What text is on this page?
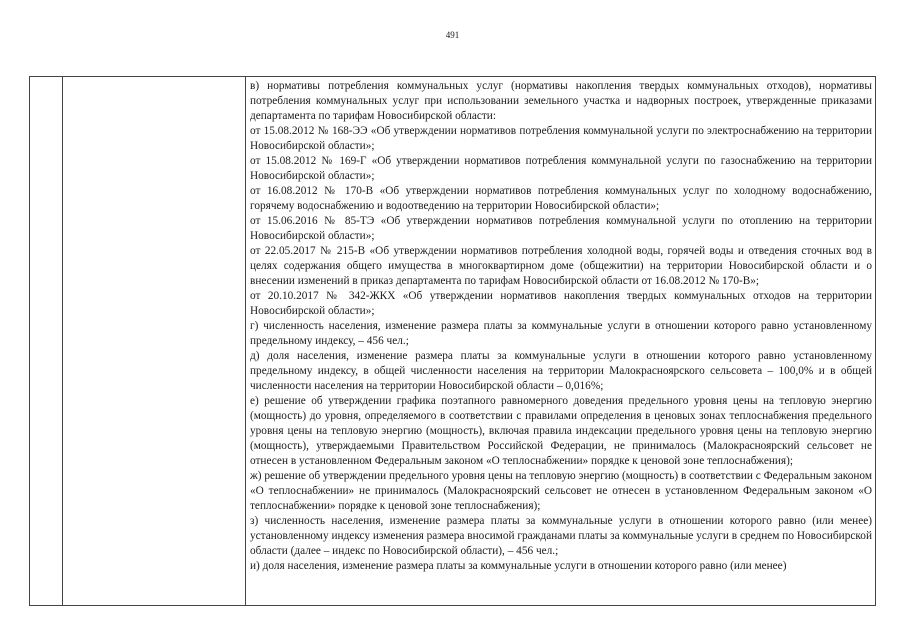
491

в) нормативы потребления коммунальных услуг (нормативы накопления твердых коммунальных отходов), нормативы потребления коммунальных услуг при использовании земельного участка и надворных построек, утвержденные приказами департамента по тарифам Новосибирской области:

от 15.08.2012 № 168-ЭЭ «Об утверждении нормативов потребления коммунальной услуги по электроснабжению на территории Новосибирской области»;

от 15.08.2012 № 169-Г «Об утверждении нормативов потребления коммунальной услуги по газоснабжению на территории Новосибирской области»;

от 16.08.2012 № 170-В «Об утверждении нормативов потребления коммунальных услуг по холодному водоснабжению, горячему водоснабжению и водоотведению на территории Новосибирской области»;

от 15.06.2016 № 85-ТЭ «Об утверждении нормативов потребления коммунальной услуги по отоплению на территории Новосибирской области»;

от 22.05.2017 № 215-В «Об утверждении нормативов потребления холодной воды, горячей воды и отведения сточных вод в целях содержания общего имущества в многоквартирном доме (общежитии) на территории Новосибирской области и о внесении изменений в приказ департамента по тарифам Новосибирской области от 16.08.2012 № 170-В»;

от 20.10.2017 № 342-ЖКХ «Об утверждении нормативов накопления твердых коммунальных отходов на территории Новосибирской области»;

г) численность населения, изменение размера платы за коммунальные услуги в отношении которого равно установленному предельному индексу, – 456 чел.;

д) доля населения, изменение размера платы за коммунальные услуги в отношении которого равно установленному предельному индексу, в общей численности населения на территории Малокрасноярского сельсовета – 100,0% и в общей численности населения на территории Новосибирской области – 0,016%;

е) решение об утверждении графика поэтапного равномерного доведения предельного уровня цены на тепловую энергию (мощность) до уровня, определяемого в соответствии с правилами определения в ценовых зонах теплоснабжения предельного уровня цены на тепловую энергию (мощность), включая правила индексации предельного уровня цены на тепловую энергию (мощность), утверждаемыми Правительством Российской Федерации, не принималось (Малокрасноярский сельсовет не отнесен в установленном Федеральным законом «О теплоснабжении» порядке к ценовой зоне теплоснабжения);

ж) решение об утверждении предельного уровня цены на тепловую энергию (мощность) в соответствии с Федеральным законом «О теплоснабжении» не принималось (Малокрасноярский сельсовет не отнесен в установленном Федеральным законом «О теплоснабжении» порядке к ценовой зоне теплоснабжения);

з) численность населения, изменение размера платы за коммунальные услуги в отношении которого равно (или менее) установленному индексу изменения размера вносимой гражданами платы за коммунальные услуги в среднем по Новосибирской области (далее – индекс по Новосибирской области), – 456 чел.;

и) доля населения, изменение размера платы за коммунальные услуги в отношении которого равно (или менее)
